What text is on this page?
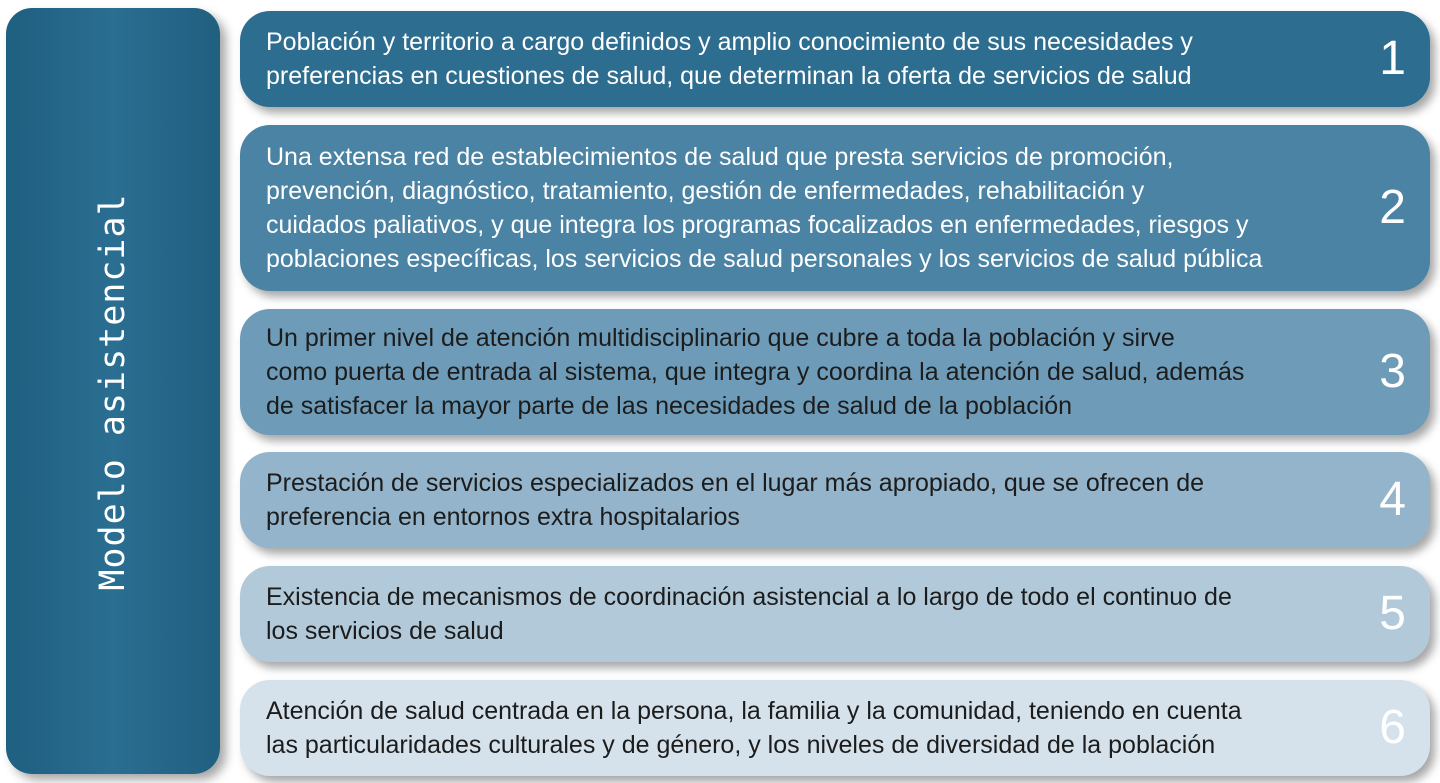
Modelo asistencial
Población y territorio a cargo definidos y amplio conocimiento de sus necesidades y
preferencias en cuestiones de salud, que determinan la oferta de servicios de salud	1
Una extensa red de establecimientos de salud que presta servicios de promoción,
prevención, diagnóstico, tratamiento, gestión de enfermedades, rehabilitación y
cuidados paliativos, y que integra los programas focalizados en enfermedades, riesgos y
poblaciones específicas, los servicios de salud personales y los servicios de salud pública
2
Un primer nivel de atención multidisciplinario que cubre a toda la población y sirve
como puerta de entrada al sistema, que integra y coordina la atención de salud, además
de satisfacer la mayor parte de las necesidades de salud de la población
3
Prestación de servicios especializados en el lugar más apropiado, que se ofrecen de
preferencia en entornos extra hospitalarios	4
Existencia de mecanismos de coordinación asistencial a lo largo de todo el continuo de
los servicios de salud	5
Atención de salud centrada en la persona, la familia y la comunidad, teniendo en cuenta
las particularidades culturales y de género, y los niveles de diversidad de la población	6
